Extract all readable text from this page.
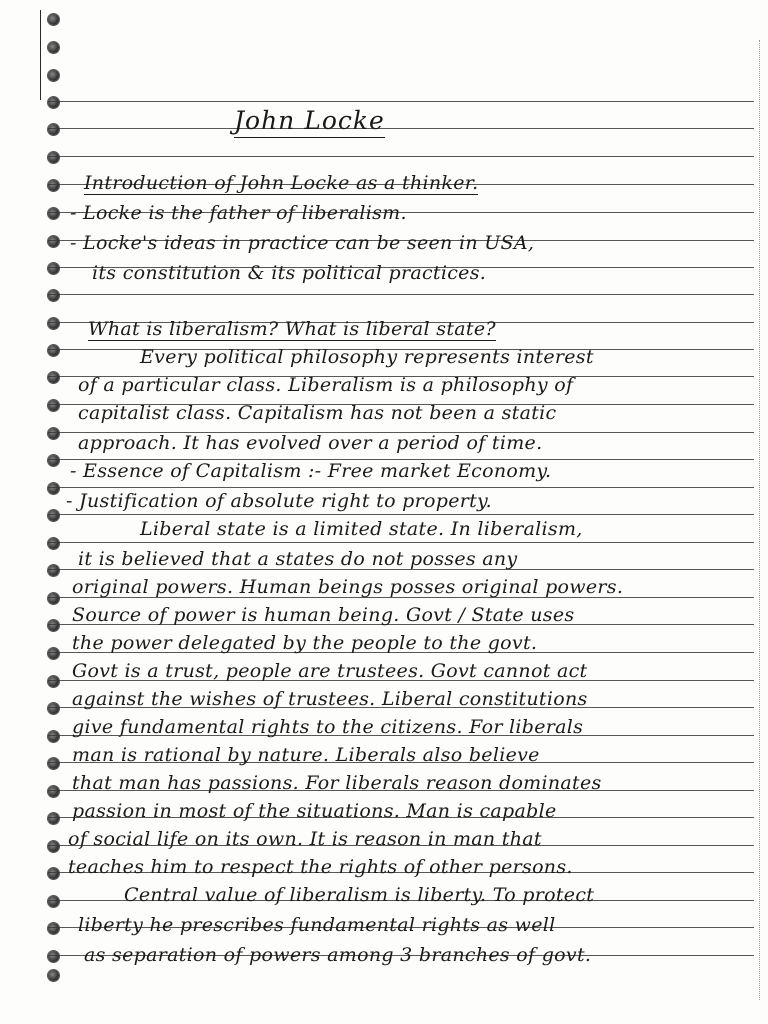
John Locke
Introduction of John Locke as a thinker.
- Locke is the father of liberalism.
- Locke's ideas in practice can be seen in USA,
its constitution & its political practices.
What is liberalism? What is liberal state?
Every political philosophy represents interest
of a particular class. Liberalism is a philosophy of
capitalist class. Capitalism has not been a static
approach. It has evolved over a period of time.
- Essence of Capitalism :- Free market Economy.
- Justification of absolute right to property.
Liberal state is a limited state. In liberalism,
it is believed that a states do not posses any
original powers. Human beings posses original powers.
Source of power is human being. Govt / State uses
the power delegated by the people to the govt.
Govt is a trust, people are trustees. Govt cannot act
against the wishes of trustees. Liberal constitutions
give fundamental rights to the citizens. For liberals
man is rational by nature. Liberals also believe
that man has passions. For liberals reason dominates
passion in most of the situations. Man is capable
of social life on its own. It is reason in man that
teaches him to respect the rights of other persons.
Central value of liberalism is liberty. To protect
liberty he prescribes fundamental rights as well
as separation of powers among 3 branches of govt.
